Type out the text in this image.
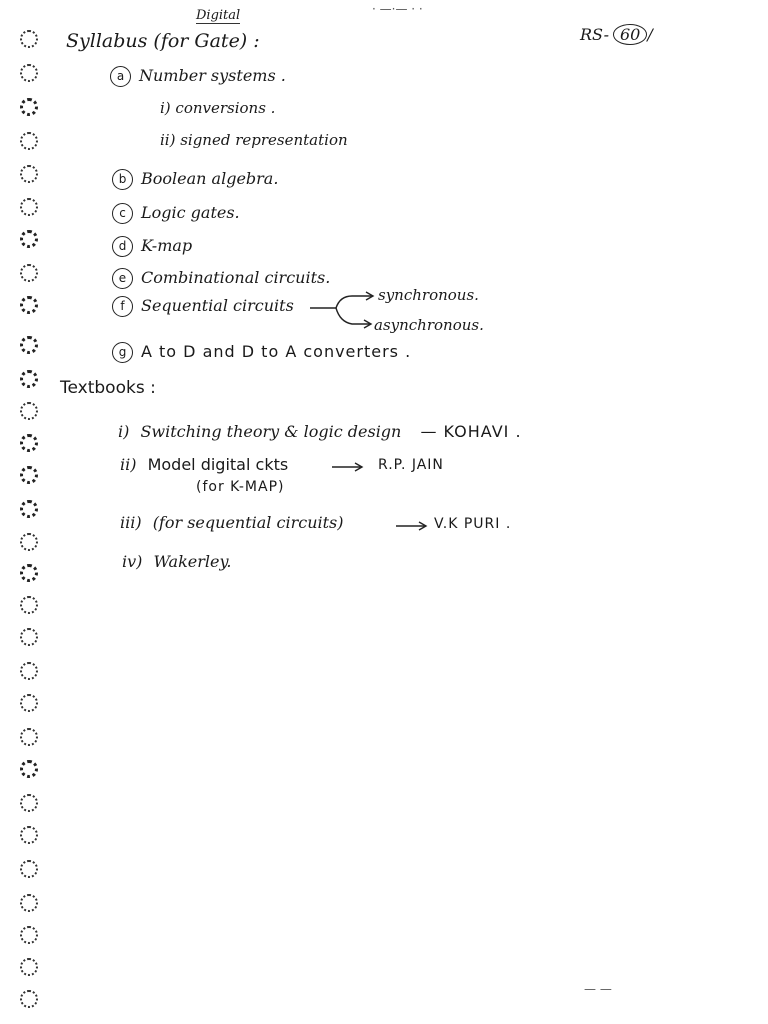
· —·— · ·
Digital
RS- 60 /
Syllabus (for Gate) :
a Number systems .
i) conversions .
ii) signed representation
b Boolean algebra.
c Logic gates.
d K-map
e Combinational circuits.
f Sequential circuits
synchronous.
asynchronous.
g A to D and D to A converters .
Textbooks :
i) Switching theory & logic design — KOHAVI .
ii) Model digital ckts	R.P. JAIN
(for K-MAP)
iii) (for sequential circuits)	V.K PURI .
iv) Wakerley.
— —
